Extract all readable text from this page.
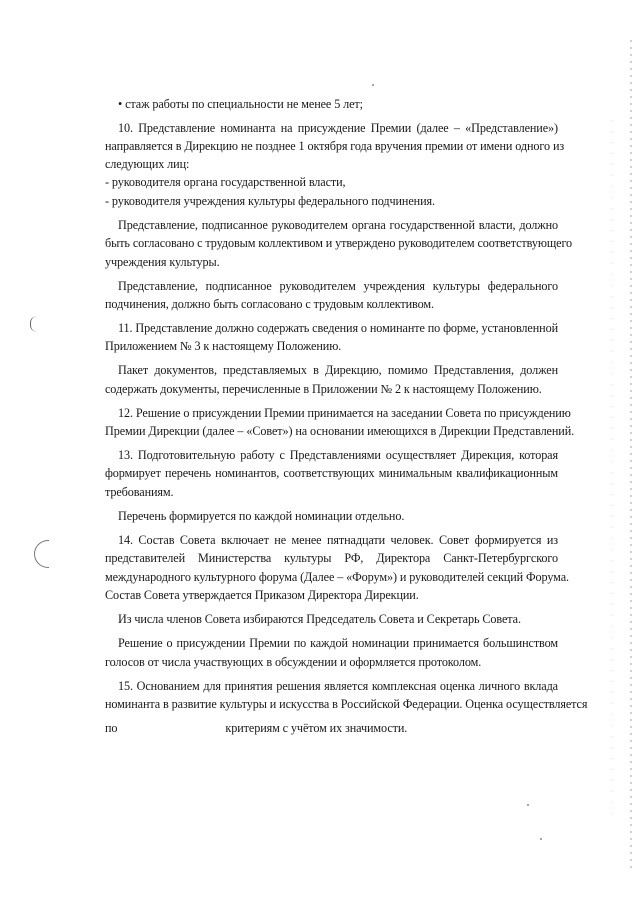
• стаж работы по специальности не менее 5 лет;
10. Представление номинанта на присуждение Премии (далее – «Представление»)
направляется в Дирекцию не позднее 1 октября года вручения премии от имени одного из
следующих лиц:
- руководителя органа государственной власти,
- руководителя учреждения культуры федерального подчинения.
Представление, подписанное руководителем органа государственной власти, должно
быть согласовано с трудовым коллективом и утверждено руководителем соответствующего
учреждения культуры.
Представление, подписанное руководителем учреждения культуры федерального
подчинения, должно быть согласовано с трудовым коллективом.
11. Представление должно содержать сведения о номинанте по форме, установленной
Приложением № 3 к настоящему Положению.
Пакет документов, представляемых в Дирекцию, помимо Представления, должен
содержать документы, перечисленные в Приложении № 2 к настоящему Положению.
12. Решение о присуждении Премии принимается на заседании Совета по присуждению
Премии Дирекции (далее – «Совет») на основании имеющихся в Дирекции Представлений.
13. Подготовительную работу с Представлениями осуществляет Дирекция, которая
формирует перечень номинантов, соответствующих минимальным квалификационным
требованиям.
Перечень формируется по каждой номинации отдельно.
14. Состав Совета включает не менее пятнадцати человек. Совет формируется из
представителей Министерства культуры РФ, Директора Санкт-Петербургского
международного культурного форума (Далее – «Форум») и руководителей секций Форума.
Состав Совета утверждается Приказом Директора Дирекции.
Из числа членов Совета избираются Председатель Совета и Секретарь Совета.
Решение о присуждении Премии по каждой номинации принимается большинством
голосов от числа участвующих в обсуждении и оформляется протоколом.
15. Основанием для принятия решения является комплексная оценка личного вклада
номинанта в развитие культуры и искусства в Российской Федерации. Оценка осуществляется
по	критериям с учётом их значимости.
